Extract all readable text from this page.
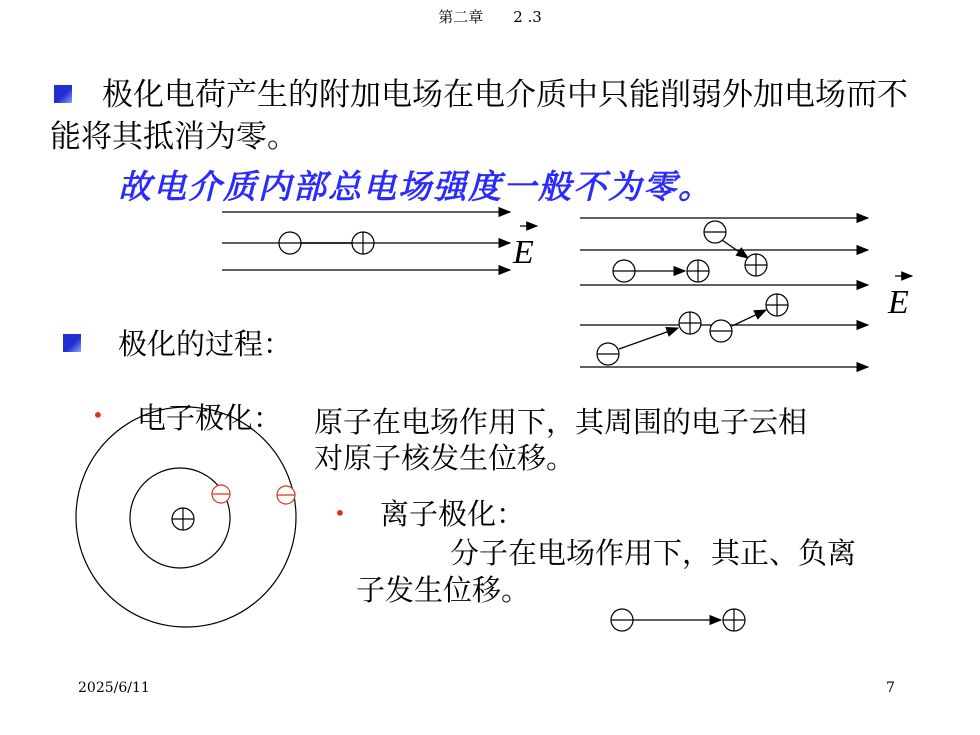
第二章　　2 .3
极化电荷产生的附加电场在电介质中只能削弱外加电场而不能将其抵消为零。
故电介质内部总电场强度一般不为零。
E
E
极化的过程：
• 电子极化： 原子在电场作用下，其周围的电子云相
对原子核发生位移。
• 离子极化：
分子在电场作用下，其正、负离
子发生位移。
2025/6/11	7
